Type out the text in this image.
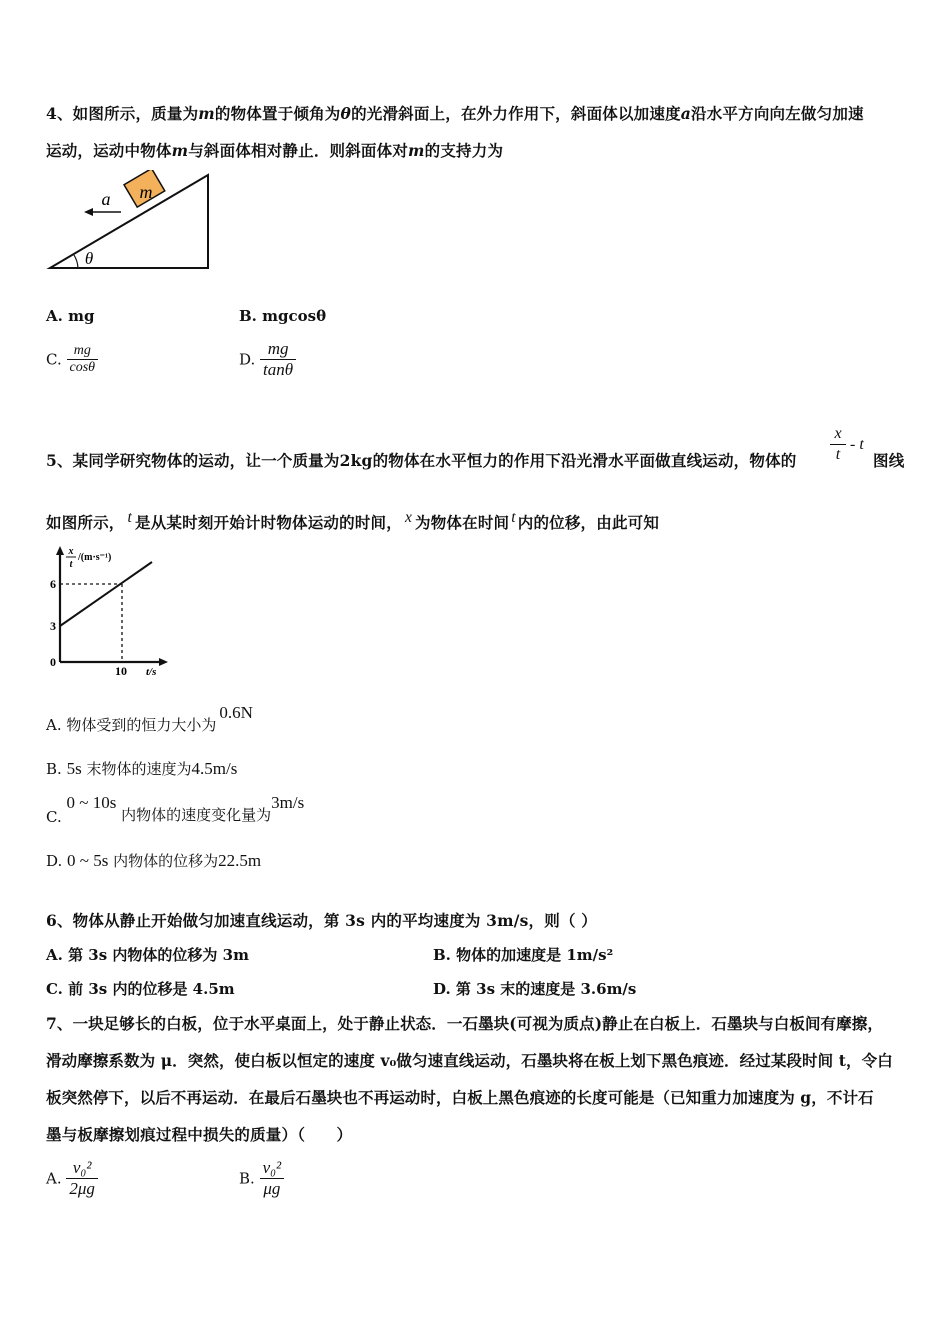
4、如图所示，质量为m的物体置于倾角为θ的光滑斜面上，在外力作用下，斜面体以加速度a沿水平方向向左做匀加速
运动，运动中物体m与斜面体相对静止．则斜面体对m的支持力为
m
a
θ
A. mg	B. mgcosθ
C. $\frac{mg}{\cos\theta}$	D. $\frac{mg}{\tan\theta}$
5、某同学研究物体的运动，让一个质量为2kg的物体在水平恒力的作用下沿光滑水平面做直线运动，物体的 $\frac{x}{t}$ - t
图线
如图所示， t 是从某时刻开始计时物体运动的时间， x 为物体在时间 t 内的位移，由此可知
x
t
/(m·s⁻¹)
6
3
0
10 t/s
A. 物体受到的恒力大小为0.6N
B. 5s 末物体的速度为4.5m/s
C. 0 ~ 10s 内物体的速度变化量为3m/s
D. 0 ~ 5s 内物体的位移为22.5m
6、物体从静止开始做匀加速直线运动，第 3s 内的平均速度为 3m/s，则（ ）
A. 第 3s 内物体的位移为 3m	B. 物体的加速度是 1m/s²
C. 前 3s 内的位移是 4.5m	D. 第 3s 末的速度是 3.6m/s
7、一块足够长的白板，位于水平桌面上，处于静止状态．一石墨块(可视为质点)静止在白板上．石墨块与白板间有摩擦，
滑动摩擦系数为 μ．突然，使白板以恒定的速度 v₀做匀速直线运动，石墨块将在板上划下黑色痕迹．经过某段时间 t，令白
板突然停下，以后不再运动．在最后石墨块也不再运动时，白板上黑色痕迹的长度可能是（已知重力加速度为 g，不计石
墨与板摩擦划痕过程中损失的质量）（　　）
A. $\frac{\text{v₀²}}{2\mu g}$	B. $\frac{\text{v₀²}}{\mu g}$
